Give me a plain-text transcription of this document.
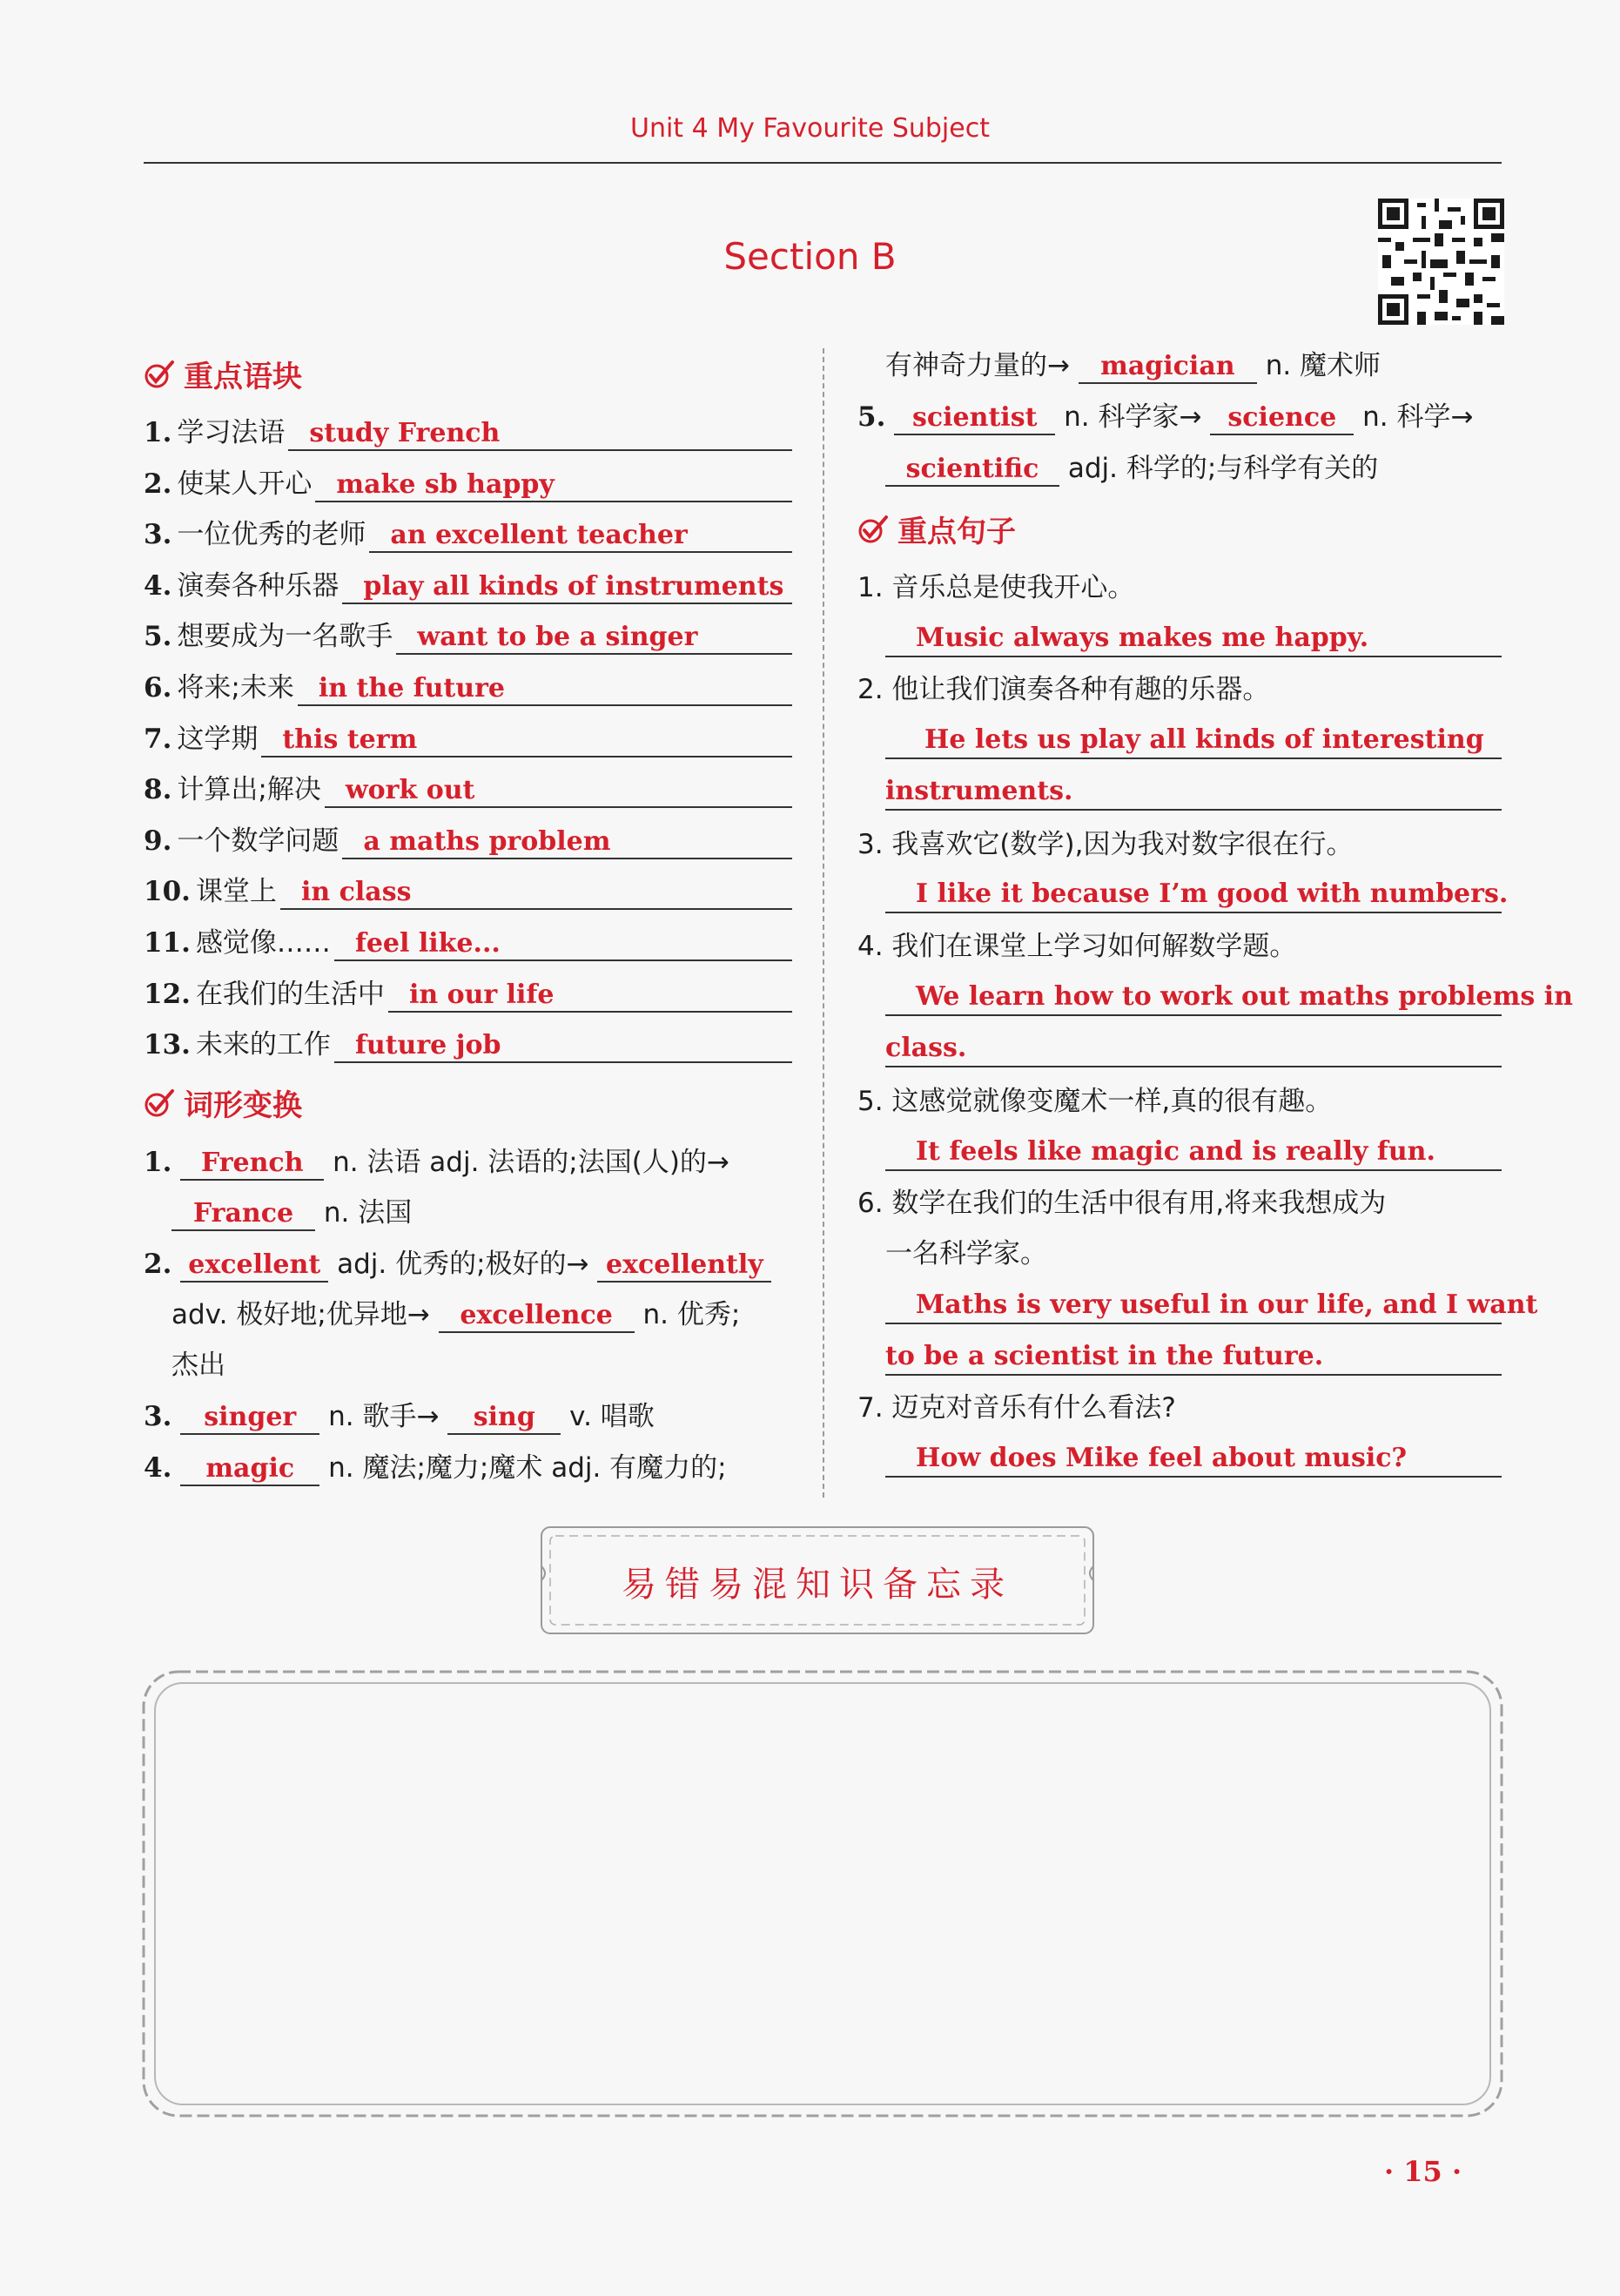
Unit 4 My Favourite Subject
Section B
重点语块
1. 学习法语 study French
2. 使某人开心 make sb happy
3. 一位优秀的老师 an excellent teacher
4. 演奏各种乐器 play all kinds of instruments
5. 想要成为一名歌手 want to be a singer
6. 将来;未来 in the future
7. 这学期 this term
8. 计算出;解决 work out
9. 一个数学问题 a maths problem
10. 课堂上 in class
11. 感觉像…… feel like...
12. 在我们的生活中 in our life
13. 未来的工作 future job
词形变换
1. French n. 法语 adj. 法语的;法国(人)的→
France n. 法国
2. excellent adj. 优秀的;极好的→ excellently
adv. 极好地;优异地→ excellence n. 优秀;
杰出
3. singer n. 歌手→ sing v. 唱歌
4. magic n. 魔法;魔力;魔术 adj. 有魔力的;
有神奇力量的→ magician n. 魔术师
5. scientist n. 科学家→ science n. 科学→
scientific adj. 科学的;与科学有关的
重点句子
1. 音乐总是使我开心。
Music always makes me happy.
2. 他让我们演奏各种有趣的乐器。
He lets us play all kinds of interesting
instruments.
3. 我喜欢它(数学),因为我对数字很在行。
I like it because I’m good with numbers.
4. 我们在课堂上学习如何解数学题。
We learn how to work out maths problems in
class.
5. 这感觉就像变魔术一样,真的很有趣。
It feels like magic and is really fun.
6. 数学在我们的生活中很有用,将来我想成为
一名科学家。
Maths is very useful in our life, and I want
to be a scientist in the future.
7. 迈克对音乐有什么看法?
How does Mike feel about music?
易错易混知识备忘录
· 15 ·
